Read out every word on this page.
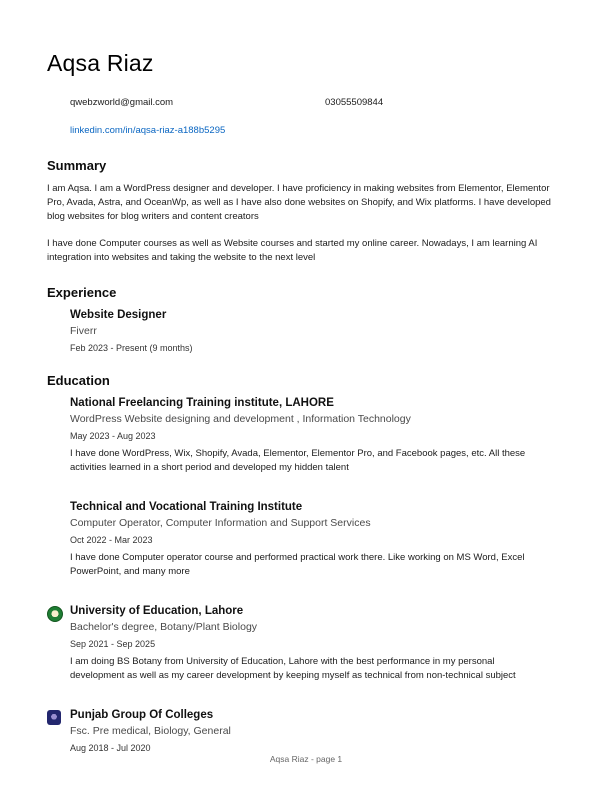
Aqsa Riaz
qwebzworld@gmail.com	03055509844
linkedin.com/in/aqsa-riaz-a188b5295
Summary

I am Aqsa. I am a WordPress designer and developer. I have proficiency in making websites from Elementor, Elementor Pro, Avada, Astra, and OceanWp, as well as I have also done websites on Shopify, and Wix platforms. I have developed blog websites for blog writers and content creators

I have done Computer courses as well as Website courses and started my online career. Nowadays, I am learning AI integration into websites and taking the website to the next level

Experience
Website Designer
Fiverr
Feb 2023 - Present (9 months)
Education
National Freelancing Training institute, LAHORE
WordPress Website designing and development , Information Technology
May 2023 - Aug 2023

I have done WordPress, Wix, Shopify, Avada, Elementor, Elementor Pro, and Facebook pages, etc. All these activities learned in a short period and developed my hidden talent

Technical and Vocational Training Institute
Computer Operator, Computer Information and Support Services
Oct 2022 - Mar 2023

I have done Computer operator course and performed practical work there. Like working on MS Word, Excel PowerPoint, and many more

University of Education, Lahore
Bachelor's degree, Botany/Plant Biology
Sep 2021 - Sep 2025

I am doing BS Botany from University of Education, Lahore with the best performance in my personal development as well as my career development by keeping myself as technical from non-technical subject

Punjab Group Of Colleges
Fsc. Pre medical, Biology, General
Aug 2018 - Jul 2020
Aqsa Riaz - page 1
